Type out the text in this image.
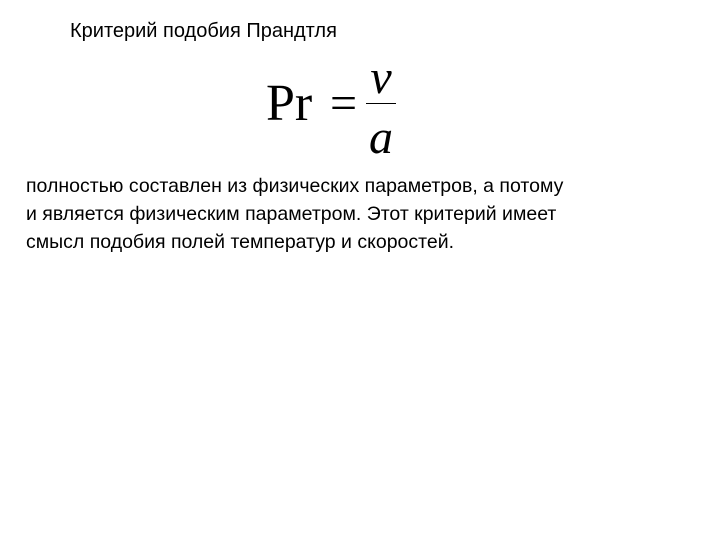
Критерий подобия Прандтля
Pr = ν
a
полностью составлен из физических параметров, а потому
и является физическим параметром. Этот критерий имеет
смысл подобия полей температур и скоростей.
